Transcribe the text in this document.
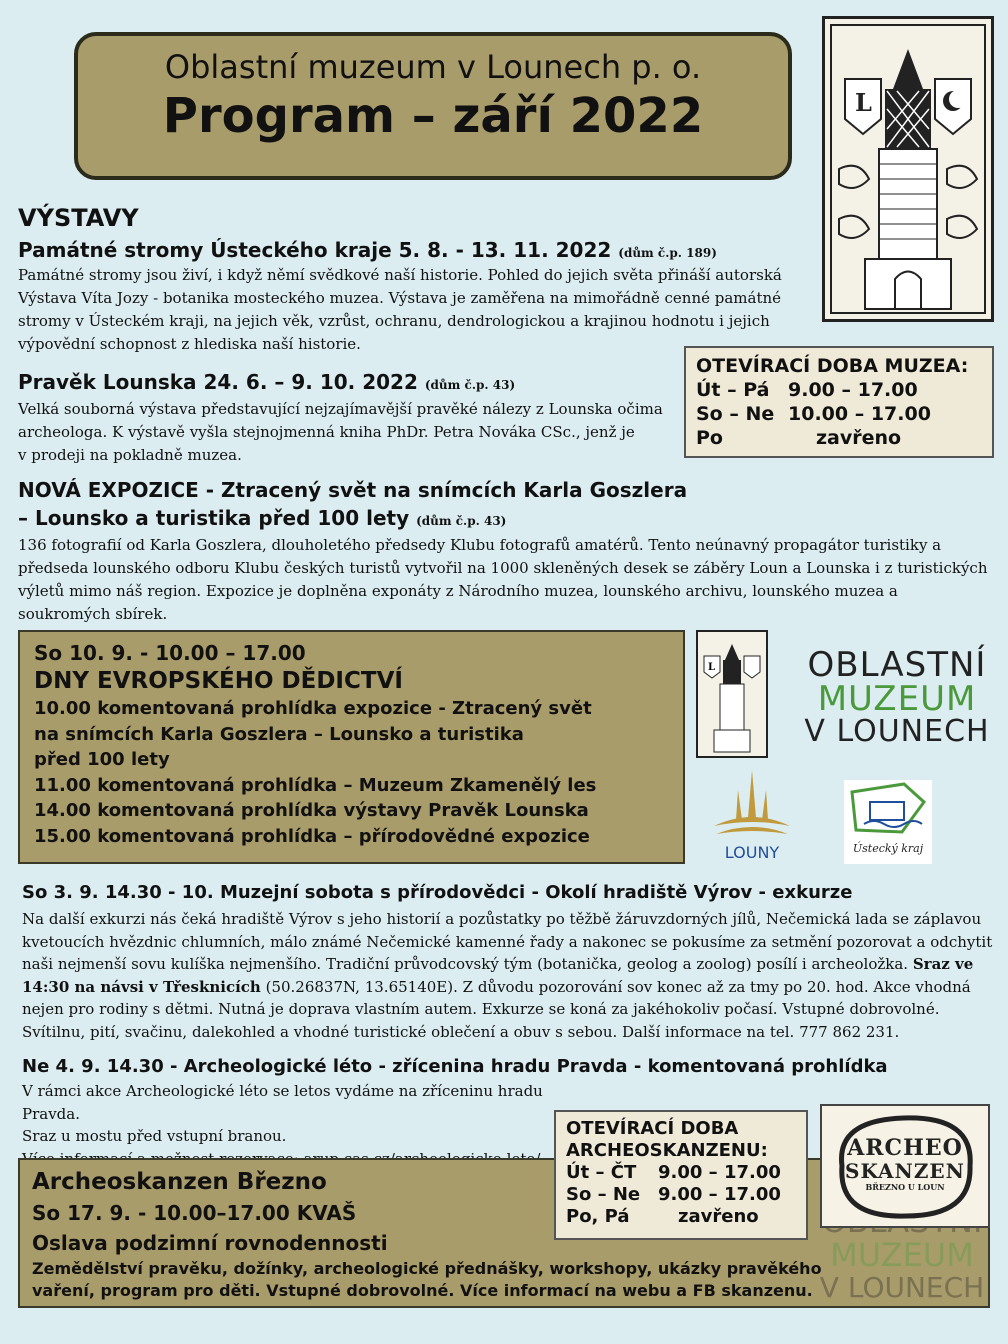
Oblastní muzeum v Lounech p. o.
Program – září 2022	L
VÝSTAVY
Památné stromy Ústeckého kraje 5. 8. - 13. 11. 2022 (dům č.p. 189)
Památné stromy jsou živí, i když němí svědkové naší historie. Pohled do jejich světa přináší autorská
Výstava Víta Jozy - botanika mosteckého muzea. Výstava je zaměřena na mimořádně cenné památné
stromy v Ústeckém kraji, na jejich věk, vzrůst, ochranu, dendrologickou a krajinou hodnotu i jejich
výpovědní schopnost z hlediska naší historie.
OTEVÍRACÍ DOBA MUZEA:
Út – Pá 9.00 – 17.00
So – Ne 10.00 – 17.00
Po	zavřeno
Pravěk Lounska 24. 6. – 9. 10. 2022 (dům č.p. 43)
Velká souborná výstava představující nejzajímavější pravěké nálezy z Lounska očima
archeologa. K výstavě vyšla stejnojmenná kniha PhDr. Petra Nováka CSc., jenž je
v prodeji na pokladně muzea.
NOVÁ EXPOZICE - Ztracený svět na snímcích Karla Goszlera
– Lounsko a turistika před 100 lety (dům č.p. 43)
136 fotografií od Karla Goszlera, dlouholetého předsedy Klubu fotografů amatérů. Tento neúnavný propagátor turistiky a
předseda lounského odboru Klubu českých turistů vytvořil na 1000 skleněných desek se záběry Loun a Lounska i z turistických
výletů mimo náš region. Expozice je doplněna exponáty z Národního muzea, lounského archivu, lounského muzea a
soukromých sbírek.
So 10. 9. - 10.00 – 17.00
DNY EVROPSKÉHO DĚDICTVÍ
10.00 komentovaná prohlídka expozice - Ztracený svět
na snímcích Karla Goszlera – Lounsko a turistika
před 100 lety
11.00 komentovaná prohlídka – Muzeum Zkamenělý les
14.00 komentovaná prohlídka výstavy Pravěk Lounska
15.00 komentovaná prohlídka – přírodovědné expozice
L	OBLASTNÍ
MUZEUM
V LOUNECH
LOUNY	Ústecký kraj
So 3. 9. 14.30 - 10. Muzejní sobota s přírodovědci - Okolí hradiště Výrov - exkurze
Na další exkurzi nás čeká hradiště Výrov s jeho historií a pozůstatky po těžbě žáruvzdorných jílů, Nečemická lada se záplavou
kvetoucích hvězdnic chlumních, málo známé Nečemické kamenné řady a nakonec se pokusíme za setmění pozorovat a odchytit
naši nejmenší sovu kulíška nejmenšího. Tradiční průvodcovský tým (botanička, geolog a zoolog) posílí i archeoložka. Sraz ve
14:30 na návsi v Třesknicích (50.26837N, 13.65140E). Z důvodu pozorování sov konec až za tmy po 20. hod. Akce vhodná
nejen pro rodiny s dětmi. Nutná je doprava vlastním autem. Exkurze se koná za jakéhokoliv počasí. Vstupné dobrovolné.
Svítilnu, pití, svačinu, dalekohled a vhodné turistické oblečení a obuv s sebou. Další informace na tel. 777 862 231.
Ne 4. 9. 14.30 - Archeologické léto - zřícenina hradu Pravda - komentovaná prohlídka
V rámci akce Archeologické léto se letos vydáme na zříceninu hradu Pravda.
Sraz u mostu před vstupní branou.
Archeoskanzen Březno
So 17. 9. - 10.00–17.00 KVAŠ
Oslava podzimní rovnodennosti
Zemědělství pravěku, dožínky, archeologické přednášky, workshopy, ukázky pravěkého
vaření, program pro děti. Vstupné dobrovolné. Více informací na webu a FB skanzenu.
MUZEUM
V LOUNECH
OTEVÍRACÍ DOBA
ARCHEOSKANZENU:
Út – ČT	9.00 – 17.00
So – Ne 9.00 – 17.00
Po, Pá	zavřeno
ARCHEO
SKANZEN
BŘEZNO U LOUN
